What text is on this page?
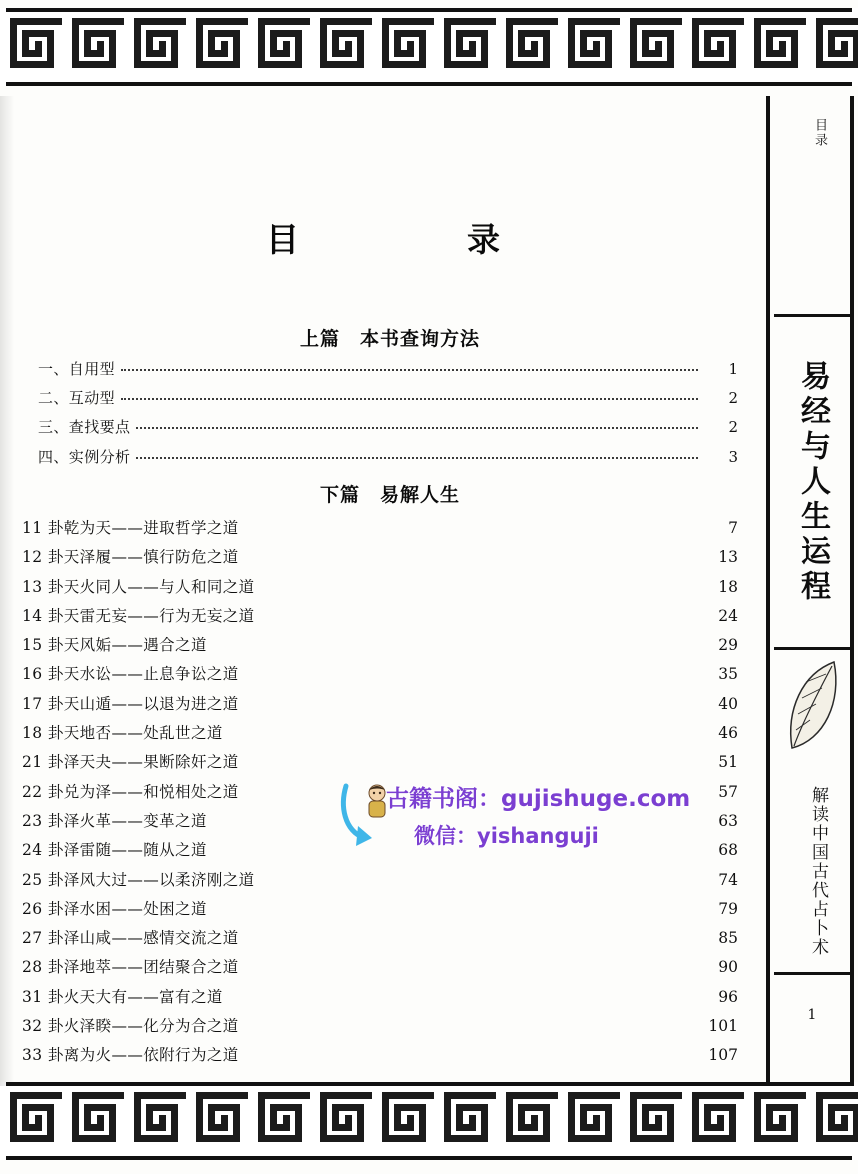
目　　录
上篇　本书查询方法
一、自用型	1
二、互动型	2
三、查找要点	2
四、实例分析	3
下篇　易解人生
11 卦乾为天——进取哲学之道	7
12 卦天泽履——慎行防危之道	13
13 卦天火同人——与人和同之道	18
14 卦天雷无妄——行为无妄之道	24
15 卦天风姤——遇合之道	29
16 卦天水讼——止息争讼之道	35
17 卦天山遁——以退为进之道	40
18 卦天地否——处乱世之道	46
21 卦泽天夬——果断除奸之道	51
22 卦兑为泽——和悦相处之道	57
23 卦泽火革——变革之道	63
24 卦泽雷随——随从之道	68
25 卦泽风大过——以柔济刚之道	74
26 卦泽水困——处困之道	79
27 卦泽山咸——感情交流之道	85
28 卦泽地萃——团结聚合之道	90
31 卦火天大有——富有之道	96
32 卦火泽睽——化分为合之道	101
33 卦离为火——依附行为之道	107
古籍书阁：gujishuge.com
微信：yishanguji
目录
易经与人生运程
解读中国古代占卜术
1
